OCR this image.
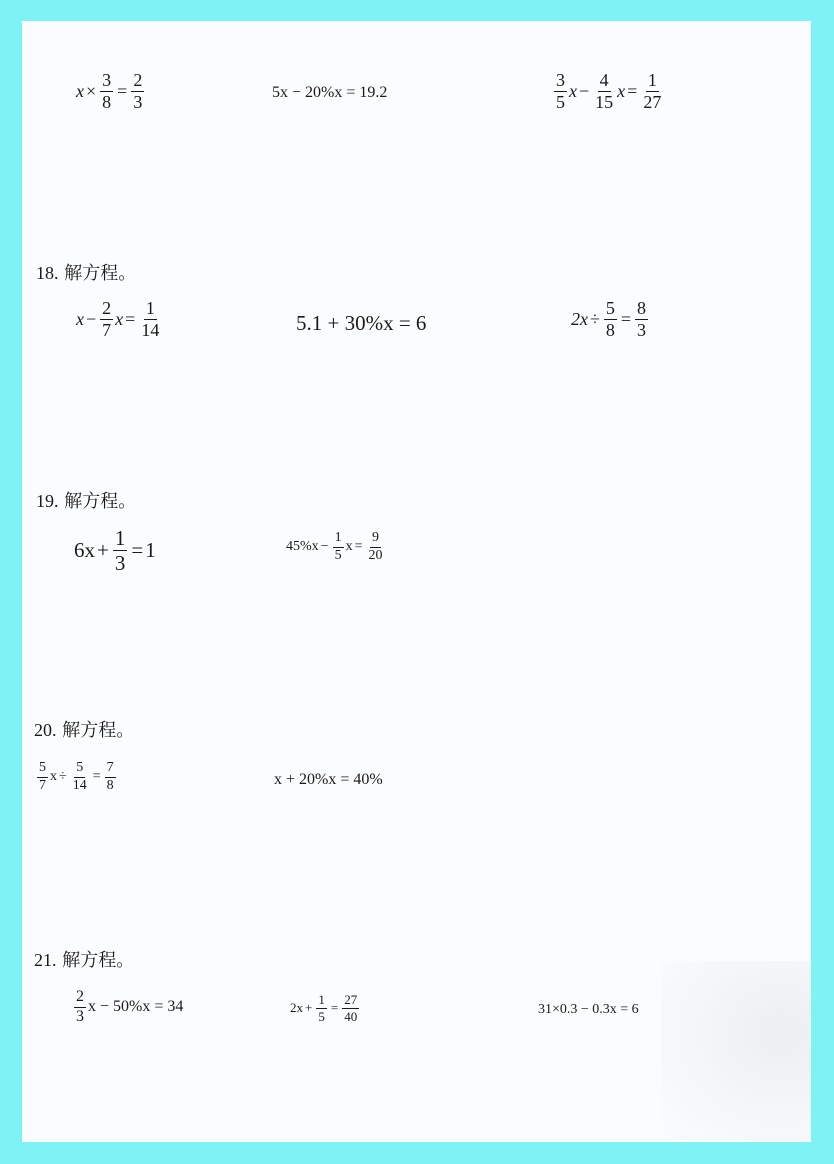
$x \times \frac{3}{8} = \frac{2}{3}$	5x − 20%x = 19.2	$\frac{3}{5}$ $x - \frac{4}{15}$ $x = \frac{1}{27}$
18. 解方程。
$x - \frac{2}{7}$ $x = \frac{1}{14}$	5.1 + 30%x = 6	$2x \div \frac{5}{8} = \frac{8}{3}$
19. 解方程。
$6x + \frac{1}{3} = 1$	$45\%x - \frac{1}{5}$ $x = \frac{9}{20}$
20. 解方程。
$\frac{5}{7}$ $x \div \frac{5}{14} = \frac{7}{8}$	x + 20%x = 40%
21. 解方程。
$\frac{2}{3}$ x − 50%x = 34	$2x + \frac{1}{5} = \frac{27}{40}$	31×0.3 − 0.3x = 6
